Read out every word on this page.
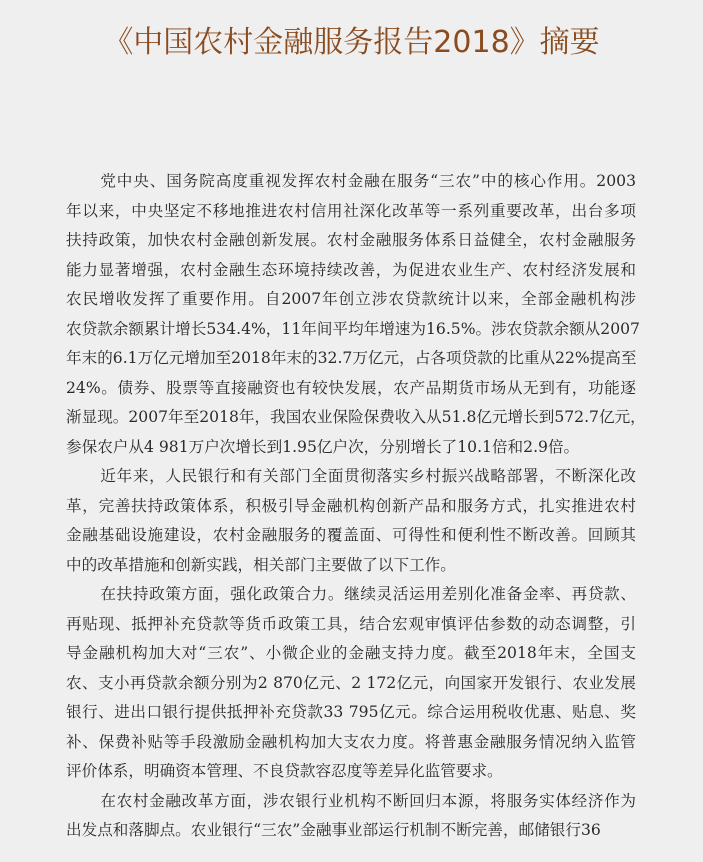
《中国农村金融服务报告2018》摘要
党中央、国务院高度重视发挥农村金融在服务“三农”中的核心作用。2003
年以来，中央坚定不移地推进农村信用社深化改革等一系列重要改革，出台多项
扶持政策，加快农村金融创新发展。农村金融服务体系日益健全，农村金融服务
能力显著增强，农村金融生态环境持续改善，为促进农业生产、农村经济发展和
农民增收发挥了重要作用。自2007年创立涉农贷款统计以来，全部金融机构涉
农贷款余额累计增长534.4%，11年间平均年增速为16.5%。涉农贷款余额从2007
年末的6.1万亿元增加至2018年末的32.7万亿元，占各项贷款的比重从22%提高至
24%。债券、股票等直接融资也有较快发展，农产品期货市场从无到有，功能逐
渐显现。2007年至2018年，我国农业保险保费收入从51.8亿元增长到572.7亿元，
参保农户从4 981万户次增长到1.95亿户次，分别增长了10.1倍和2.9倍。
近年来，人民银行和有关部门全面贯彻落实乡村振兴战略部署，不断深化改
革，完善扶持政策体系，积极引导金融机构创新产品和服务方式，扎实推进农村
金融基础设施建设，农村金融服务的覆盖面、可得性和便利性不断改善。回顾其
中的改革措施和创新实践，相关部门主要做了以下工作。
在扶持政策方面，强化政策合力。继续灵活运用差别化准备金率、再贷款、
再贴现、抵押补充贷款等货币政策工具，结合宏观审慎评估参数的动态调整，引
导金融机构加大对“三农”、小微企业的金融支持力度。截至2018年末，全国支
农、支小再贷款余额分别为2 870亿元、2 172亿元，向国家开发银行、农业发展
银行、进出口银行提供抵押补充贷款33 795亿元。综合运用税收优惠、贴息、奖
补、保费补贴等手段激励金融机构加大支农力度。将普惠金融服务情况纳入监管
评价体系，明确资本管理、不良贷款容忍度等差异化监管要求。
在农村金融改革方面，涉农银行业机构不断回归本源，将服务实体经济作为
出发点和落脚点。农业银行“三农”金融事业部运行机制不断完善，邮储银行36
